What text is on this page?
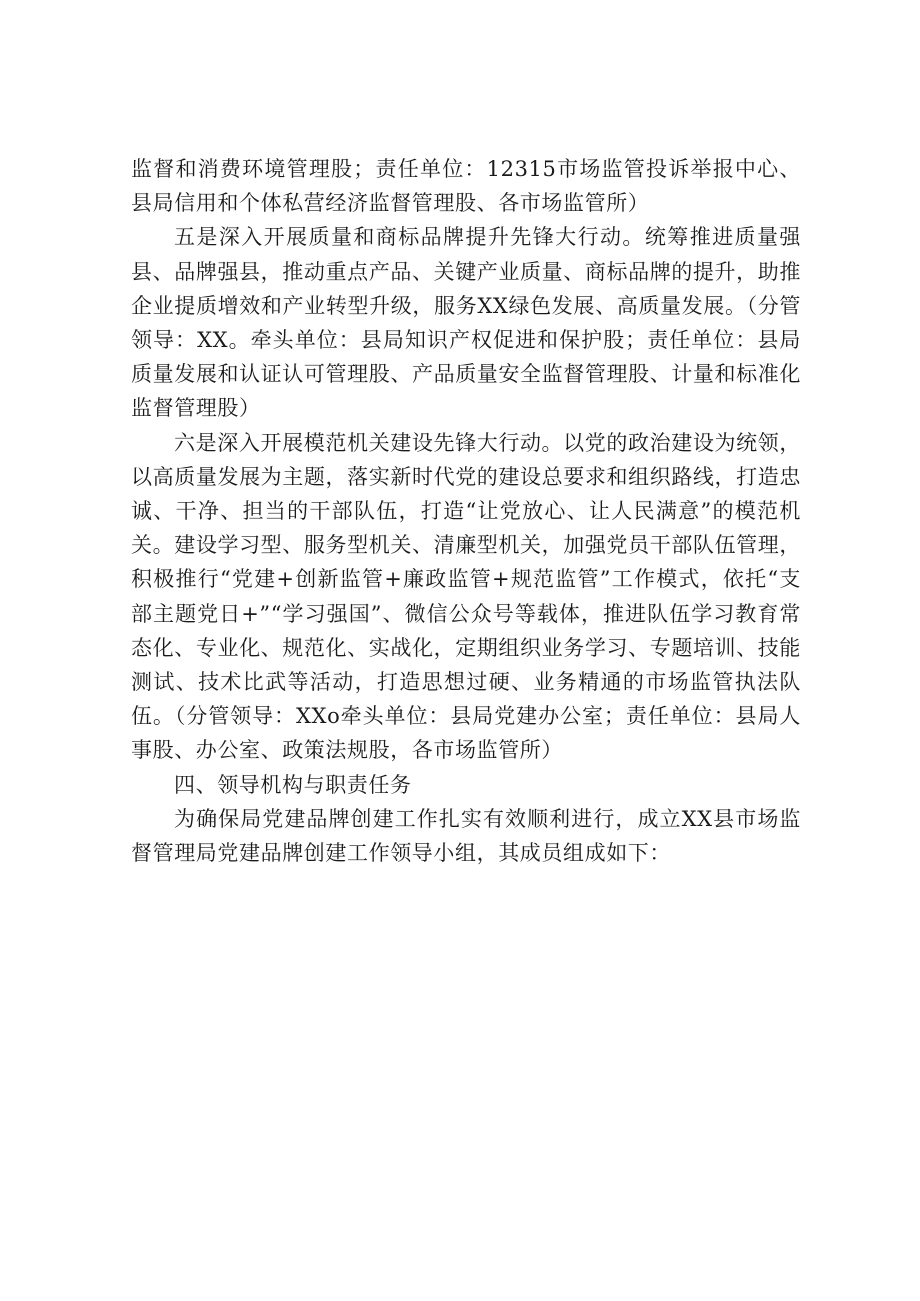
监督和消费环境管理股；责任单位：12315市场监管投诉举报中心、县局信用和个体私营经济监督管理股、各市场监管所）

五是深入开展质量和商标品牌提升先锋大行动。统筹推进质量强县、品牌强县，推动重点产品、关键产业质量、商标品牌的提升，助推企业提质增效和产业转型升级，服务XX绿色发展、高质量发展。（分管领导：XX。牵头单位：县局知识产权促进和保护股；责任单位：县局质量发展和认证认可管理股、产品质量安全监督管理股、计量和标准化监督管理股）

六是深入开展模范机关建设先锋大行动。以党的政治建设为统领，以高质量发展为主题，落实新时代党的建设总要求和组织路线，打造忠诚、干净、担当的干部队伍，打造“让党放心、让人民满意”的模范机关。建设学习型、服务型机关、清廉型机关，加强党员干部队伍管理，积极推行“党建+创新监管+廉政监管+规范监管”工作模式，依托“支部主题党日+”“学习强国”、微信公众号等载体，推进队伍学习教育常态化、专业化、规范化、实战化，定期组织业务学习、专题培训、技能测试、技术比武等活动，打造思想过硬、业务精通的市场监管执法队伍。（分管领导：XXo牵头单位：县局党建办公室；责任单位：县局人事股、办公室、政策法规股，各市场监管所）

四、领导机构与职责任务

为确保局党建品牌创建工作扎实有效顺利进行，成立XX县市场监督管理局党建品牌创建工作领导小组，其成员组成如下：
